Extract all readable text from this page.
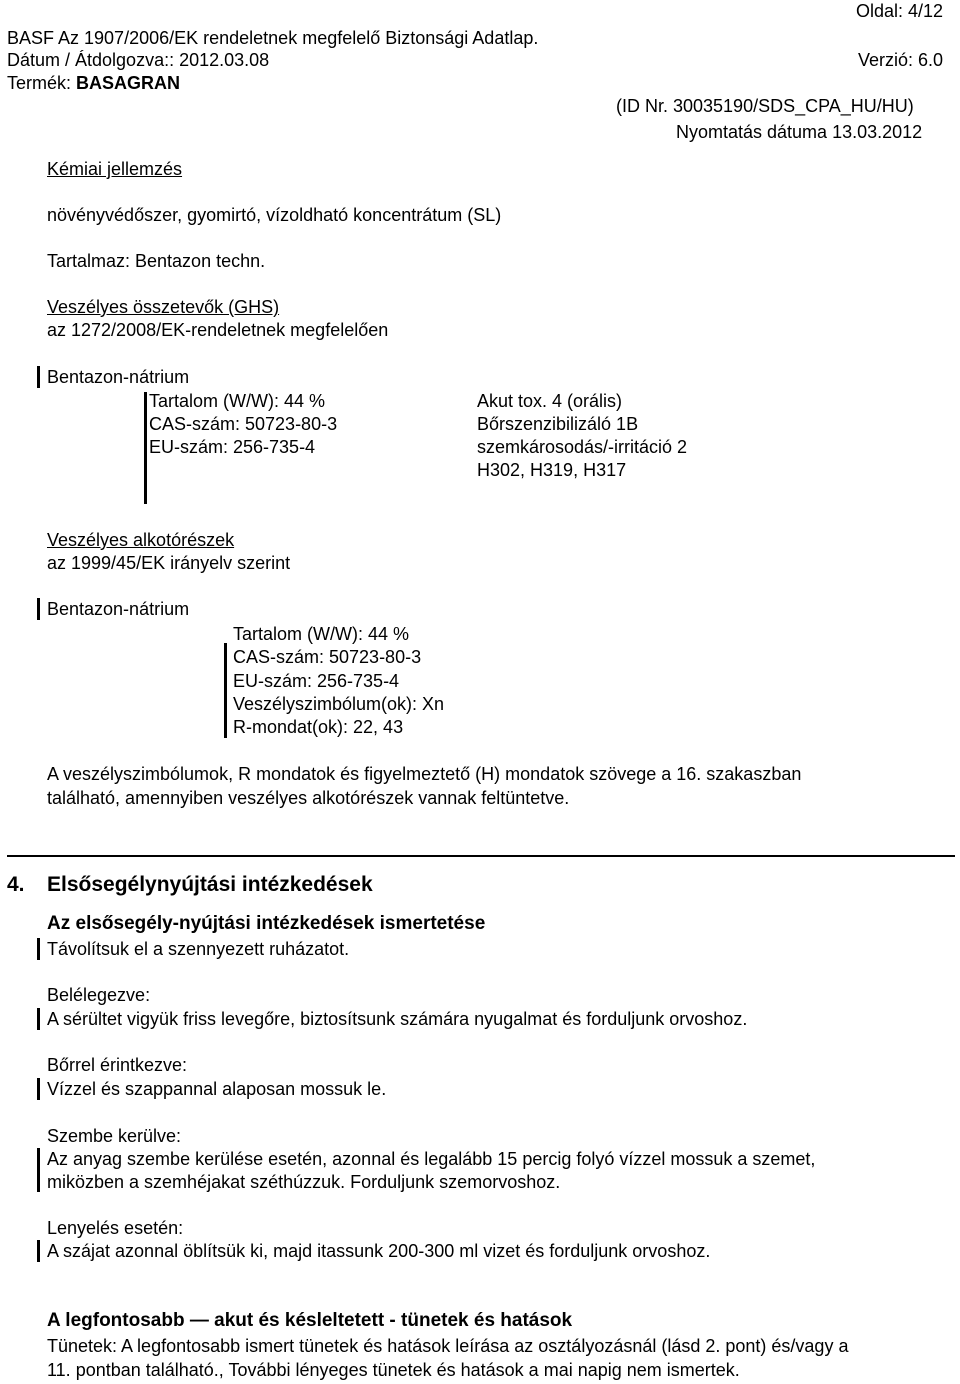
Oldal: 4/12
BASF Az 1907/2006/EK rendeletnek megfelelő Biztonsági Adatlap.
Dátum / Átdolgozva:: 2012.03.08	Verzió: 6.0
Termék: BASAGRAN
(ID Nr. 30035190/SDS_CPA_HU/HU)
Nyomtatás dátuma 13.03.2012
Kémiai jellemzés
növényvédőszer, gyomirtó, vízoldható koncentrátum (SL)
Tartalmaz: Bentazon techn.
Veszélyes összetevők (GHS)
az 1272/2008/EK-rendeletnek megfelelően
Bentazon-nátrium
Tartalom (W/W): 44 %
CAS-szám: 50723-80-3
EU-szám: 256-735-4
Akut tox. 4 (orális)
Bőrszenzibilizáló 1B
szemkárosodás/-irritáció 2
H302, H319, H317
Veszélyes alkotórészek
az 1999/45/EK irányelv szerint
Bentazon-nátrium
Tartalom (W/W): 44 %
CAS-szám: 50723-80-3
EU-szám: 256-735-4
Veszélyszimbólum(ok): Xn
R-mondat(ok): 22, 43
A veszélyszimbólumok, R mondatok és figyelmeztető (H) mondatok szövege a 16. szakaszban
található, amennyiben veszélyes alkotórészek vannak feltüntetve.
4. Elsősegélynyújtási intézkedések
Az elsősegély-nyújtási intézkedések ismertetése
Távolítsuk el a szennyezett ruházatot.
Belélegezve:
A sérültet vigyük friss levegőre, biztosítsunk számára nyugalmat és forduljunk orvoshoz.
Bőrrel érintkezve:
Vízzel és szappannal alaposan mossuk le.
Szembe kerülve:
Az anyag szembe kerülése esetén, azonnal és legalább 15 percig folyó vízzel mossuk a szemet,
miközben a szemhéjakat széthúzzuk. Forduljunk szemorvoshoz.
Lenyelés esetén:
A szájat azonnal öblítsük ki, majd itassunk 200-300 ml vizet és forduljunk orvoshoz.
A legfontosabb — akut és késleltetett - tünetek és hatások
Tünetek: A legfontosabb ismert tünetek és hatások leírása az osztályozásnál (lásd 2. pont) és/vagy a
11. pontban található., További lényeges tünetek és hatások a mai napig nem ismertek.
